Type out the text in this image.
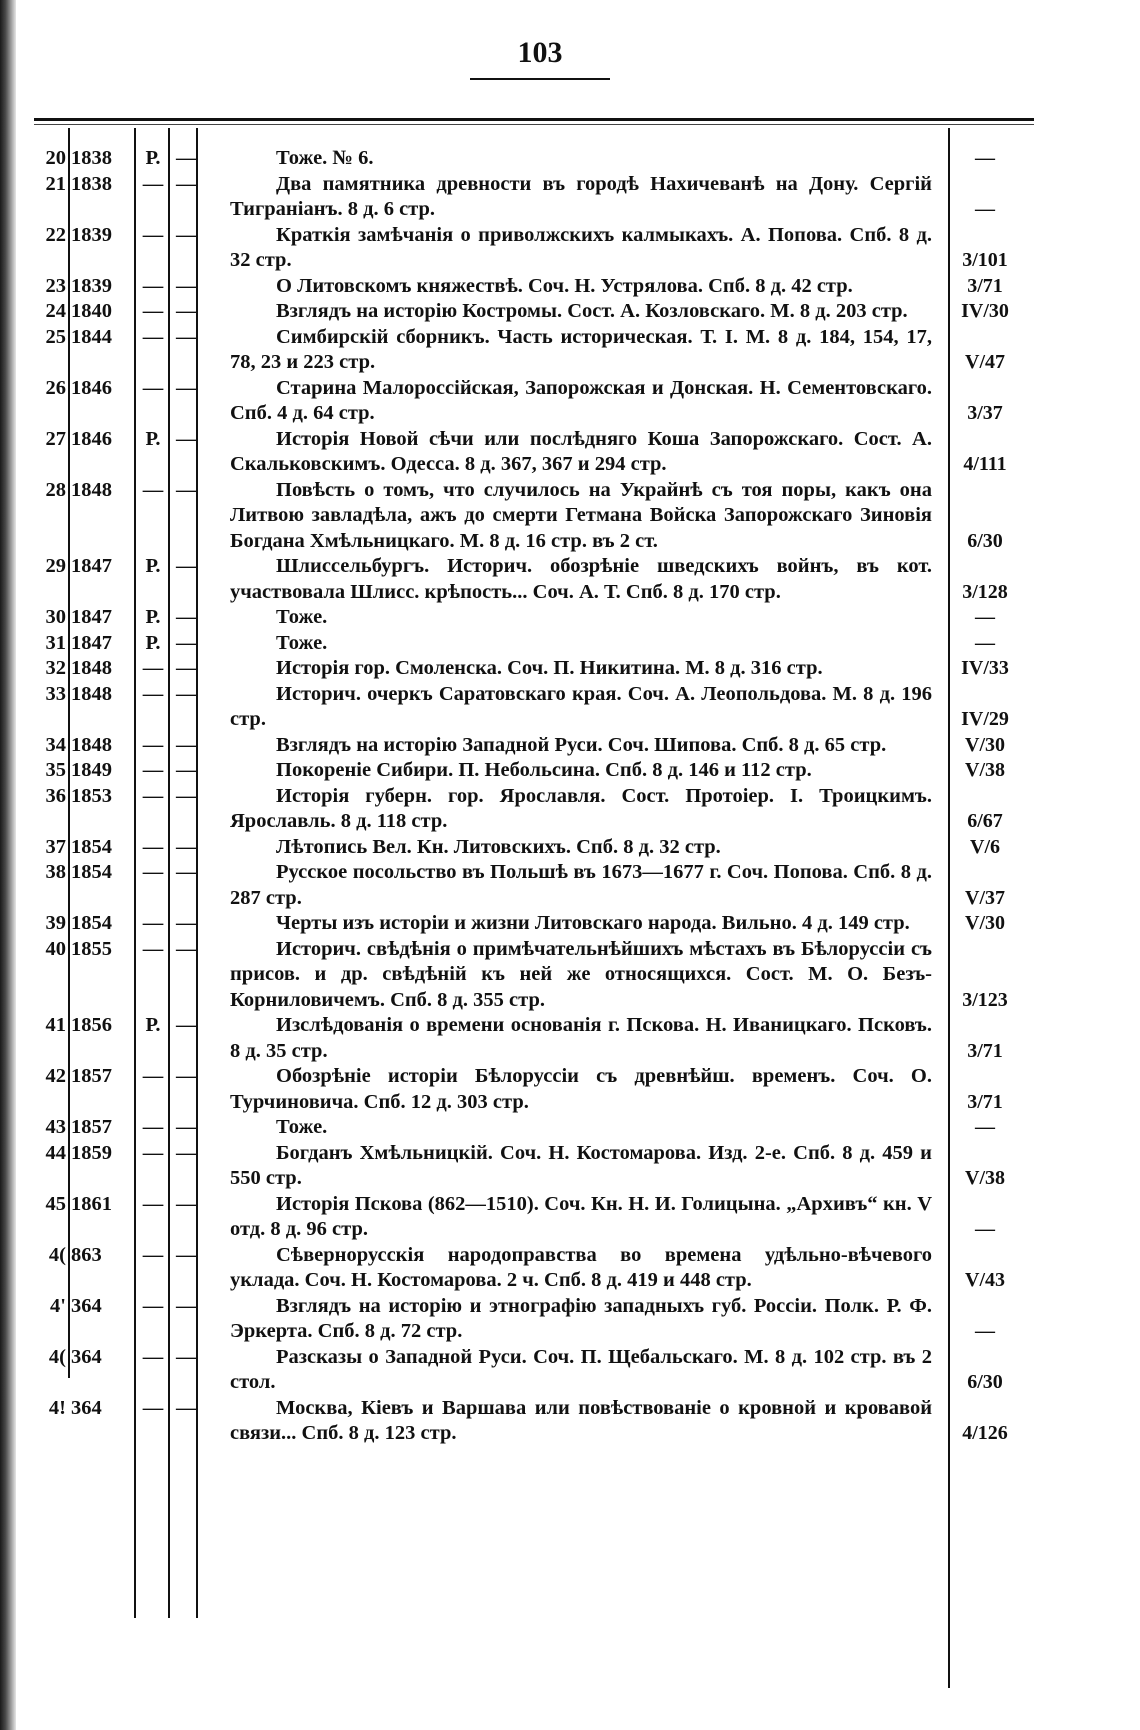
103
20 1838	Р. —	Тоже. № 6.	—
21 1838	— —	Два памятника древности въ городѣ Нахичеванѣ на Дону. Сергій Тиграніанъ. 8 д. 6 стр.	—
22 1839	— —	Краткія замѣчанія о приволжскихъ калмыкахъ. А. Попова. Спб. 8 д. 32 стр.	3/101
23 1839	— —	О Литовскомъ княжествѣ. Соч. Н. Устрялова. Спб. 8 д. 42 стр.	3/71
24 1840	— —	Взглядъ на исторію Костромы. Сост. А. Козловскаго. М. 8 д. 203 стр.	IV/30
25 1844	— —	Симбирскій сборникъ. Часть историческая. Т. I. М. 8 д. 184, 154, 17, 78, 23 и 223 стр.	V/47
26 1846	— —	Старина Малороссійская, Запорожская и Донская. Н. Сементовскаго. Спб. 4 д. 64 стр.	3/37
27 1846	Р. —	Исторія Новой сѣчи или послѣдняго Коша Запорожскаго. Сост. А. Скальковскимъ. Одесса. 8 д. 367, 367 и 294 стр.	4/111
28 1848	— —	Повѣсть о томъ, что случилось на Украйнѣ съ тоя поры, какъ она Литвою завладѣла, ажъ до смерти Гетмана Войска Запорожскаго Зиновія Богдана Хмѣльницкаго. М. 8 д. 16 стр. въ 2 ст.	6/30
29 1847	Р. —	Шлиссельбургъ. Историч. обозрѣніе шведскихъ войнъ, въ кот. участвовала Шлисс. крѣпость... Соч. А. Т. Спб. 8 д. 170 стр.	3/128
30 1847	Р. —	Тоже.	—
31 1847	Р. —	Тоже.	—
32 1848	— —	Исторія гор. Смоленска. Соч. П. Никитина. М. 8 д. 316 стр.	IV/33
33 1848	— —	Историч. очеркъ Саратовскаго края. Соч. А. Леопольдова. М. 8 д. 196 стр.	IV/29
34 1848	— —	Взглядъ на исторію Западной Руси. Соч. Шипова. Спб. 8 д. 65 стр.	V/30
35 1849	— —	Покореніе Сибири. П. Небольсина. Спб. 8 д. 146 и 112 стр.	V/38
36 1853	— —	Исторія губерн. гор. Ярославля. Сост. Протоіер. I. Троицкимъ. Ярославль. 8 д. 118 стр.	6/67
37 1854	— —	Лѣтопись Вел. Кн. Литовскихъ. Спб. 8 д. 32 стр.	V/6
38 1854	— —	Русское посольство въ Польшѣ въ 1673—1677 г. Соч. Попова. Спб. 8 д. 287 стр.	V/37
39 1854	— —	Черты изъ исторіи и жизни Литовскаго народа. Вильно. 4 д. 149 стр.	V/30
40 1855	— —	Историч. свѣдѣнія о примѣчательнѣйшихъ мѣстахъ въ Бѣлоруссіи съ присов. и др. свѣдѣній къ ней же относящихся. Сост. М. О. Безъ-Корниловичемъ. Спб. 8 д. 355 стр.	3/123
41 1856	Р. —	Изслѣдованія о времени основанія г. Пскова. Н. Иваницкаго. Псковъ. 8 д. 35 стр.	3/71
42 1857	— —	Обозрѣніе исторіи Бѣлоруссіи съ древнѣйш. временъ. Соч. О. Турчиновича. Спб. 12 д. 303 стр.	3/71
43 1857	— —	Тоже.	—
44 1859	— —	Богданъ Хмѣльницкій. Соч. Н. Костомарова. Изд. 2-е. Спб. 8 д. 459 и 550 стр.	V/38
45 1861	— —	Исторія Пскова (862—1510). Соч. Кн. Н. И. Голицына. „Архивъ“ кн. V отд. 8 д. 96 стр.	—
4( 863	— —	Сѣвернорусскія народоправства во времена удѣльно-вѣчевого уклада. Соч. Н. Костомарова. 2 ч. Спб. 8 д. 419 и 448 стр.	V/43
4' 364	— —	Взглядъ на исторію и этнографію западныхъ губ. Россіи. Полк. Р. Ф. Эркерта. Спб. 8 д. 72 стр.	—
4( 364	— —	Разсказы о Западной Руси. Соч. П. Щебальскаго. М. 8 д. 102 стр. въ 2 стол.	6/30
4! 364	— —	Москва, Кіевъ и Варшава или повѣствованіе о кровной и кровавой связи... Спб. 8 д. 123 стр.	4/126
